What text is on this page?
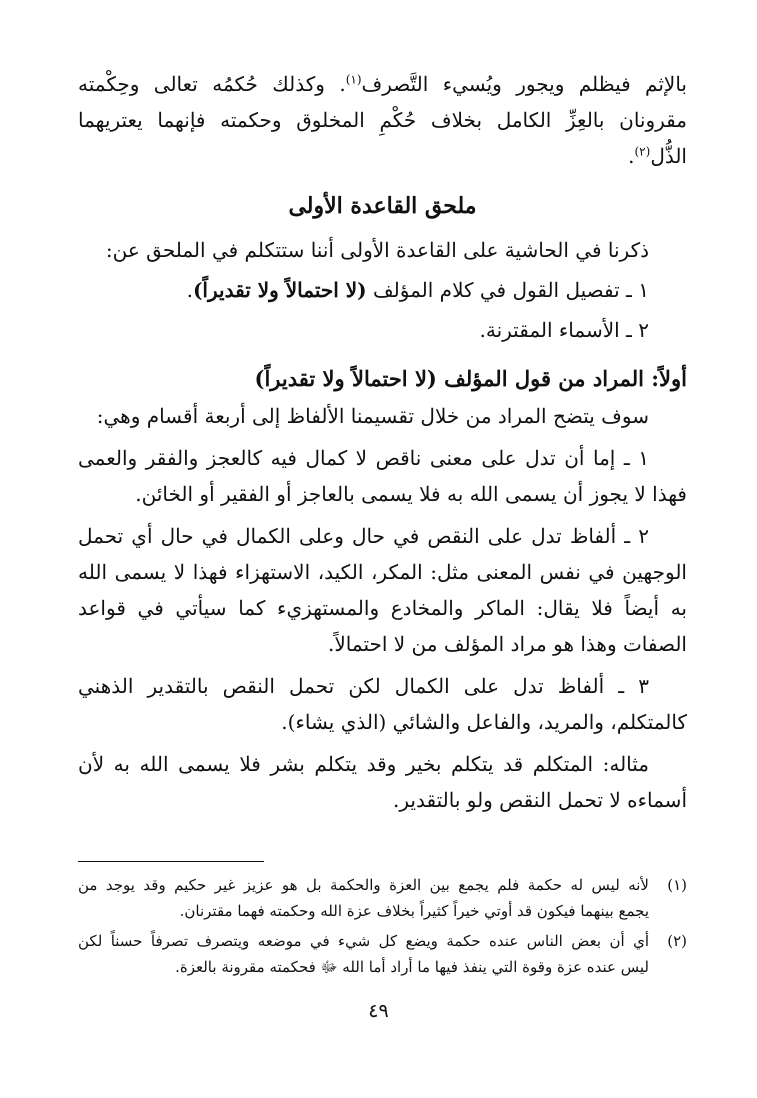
بالإثم فيظلم ويجور ويُسيء التَّصرف$^{(١)}$. وكذلك حُكمُه تعالى وحِكْمته
مقرونان بالعِزِّ الكامل بخلاف حُكْمِ المخلوق وحكمته فإنهما يعتريهما
الذُّل$^{(٢)}$.
ملحق القاعدة الأولى
ذكرنا في الحاشية على القاعدة الأولى أننا ستتكلم في الملحق عن:
١ ـ تفصيل القول في كلام المؤلف (لا احتمالاً ولا تقديراً).
٢ ـ الأسماء المقترنة.
أولاً: المراد من قول المؤلف (لا احتمالاً ولا تقديراً)
سوف يتضح المراد من خلال تقسيمنا الألفاظ إلى أربعة أقسام وهي:
١ ـ إما أن تدل على معنى ناقص لا كمال فيه كالعجز والفقر والعمى
فهذا لا يجوز أن يسمى الله به فلا يسمى بالعاجز أو الفقير أو الخائن.
٢ ـ ألفاظ تدل على النقص في حال وعلى الكمال في حال أي تحمل
الوجهين في نفس المعنى مثل: المكر، الكيد، الاستهزاء فهذا لا يسمى الله
به أيضاً فلا يقال: الماكر والمخادع والمستهزيء كما سيأتي في قواعد
الصفات وهذا هو مراد المؤلف من لا احتمالاً.
٣ ـ ألفاظ تدل على الكمال لكن تحمل النقص بالتقدير الذهني
كالمتكلم، والمريد، والفاعل والشائي (الذي يشاء).
مثاله: المتكلم قد يتكلم بخير وقد يتكلم بشر فلا يسمى الله به لأن
أسماءه لا تحمل النقص ولو بالتقدير.
(١)لأنه ليس له حكمة فلم يجمع بين العزة والحكمة بل هو عزيز غير حكيم وقد يوجد من
يجمع بينهما فيكون قد أوتي خيراً كثيراً بخلاف عزة الله وحكمته فهما مقترنان.
(٢)أي أن بعض الناس عنده حكمة ويضع كل شيء في موضعه ويتصرف تصرفاً حسناً لكن
ليس عنده عزة وقوة التي ينفذ فيها ما أراد أما الله ﷻ فحكمته مقرونة بالعزة.
٤٩
